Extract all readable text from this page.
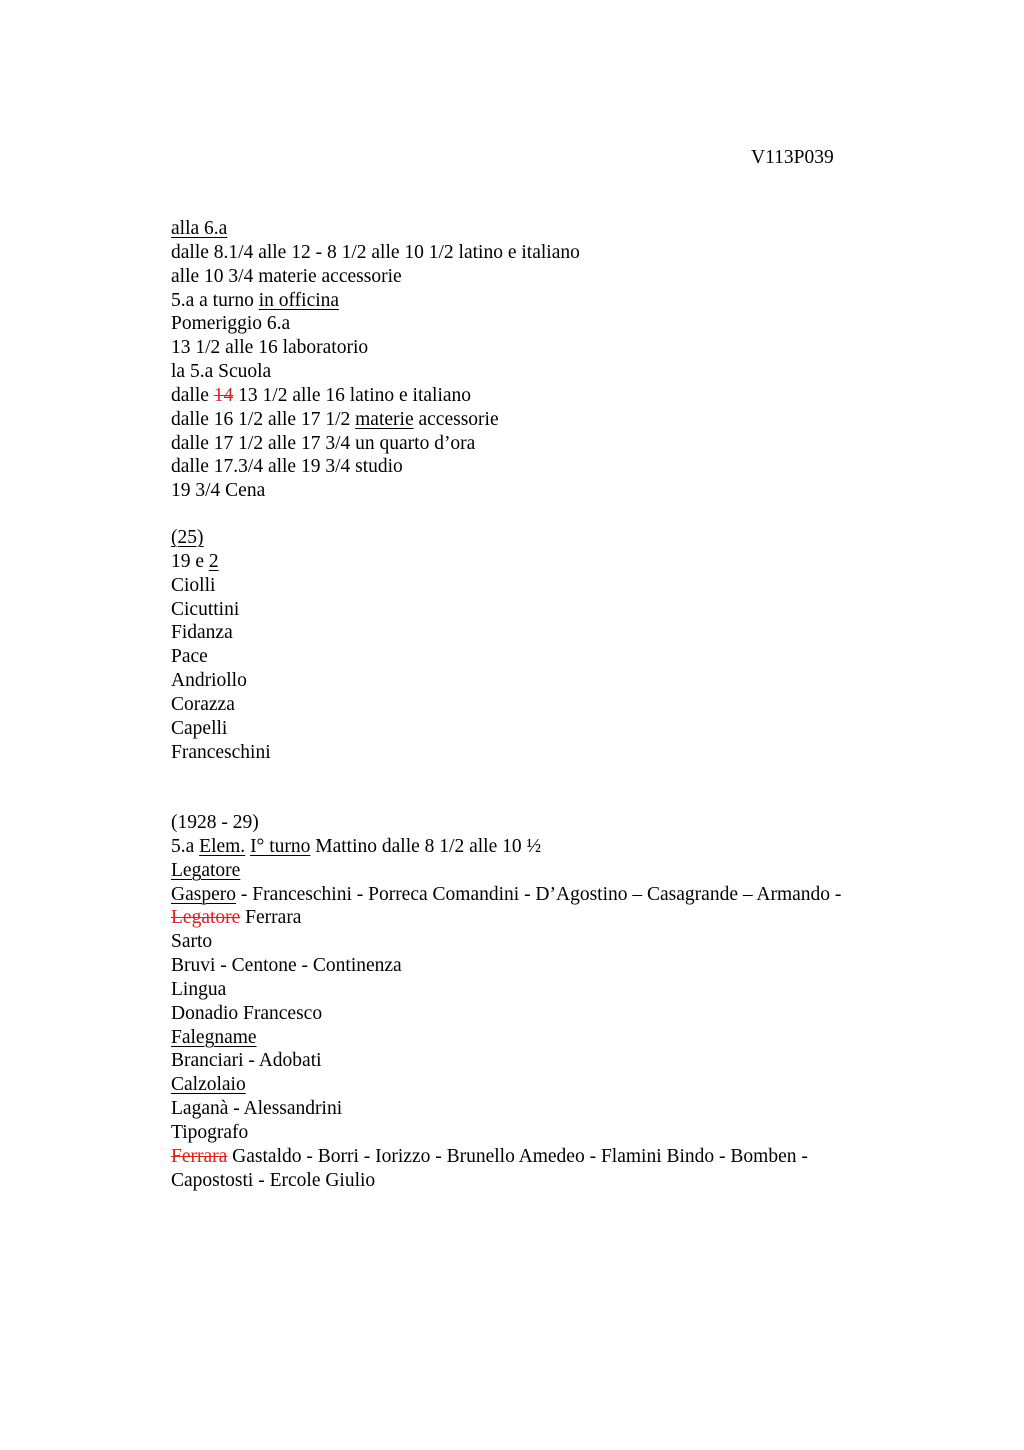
V113P039
alla 6.a
dalle 8.1/4 alle 12 - 8 1/2 alle 10 1/2 latino e italiano
alle 10 3/4 materie accessorie
5.a a turno in officina
Pomeriggio 6.a
13 1/2 alle 16 laboratorio
la 5.a Scuola
dalle 14 13 1/2 alle 16 latino e italiano
dalle 16 1/2 alle 17 1/2 materie accessorie
dalle 17 1/2 alle 17 3/4 un quarto d’ora
dalle 17.3/4 alle 19 3/4 studio
19 3/4 Cena
(25)
19 e 2
Ciolli
Cicuttini
Fidanza
Pace
Andriollo
Corazza
Capelli
Franceschini
(1928 - 29)
5.a Elem. I° turno Mattino dalle 8 1/2 alle 10 ½
Legatore
Gaspero - Franceschini - Porreca Comandini - D’Agostino – Casagrande – Armando -
Legatore Ferrara
Sarto
Bruvi - Centone - Continenza
Lingua
Donadio Francesco
Falegname
Branciari - Adobati
Calzolaio
Laganà - Alessandrini
Tipografo
Ferrara Gastaldo - Borri - Iorizzo - Brunello Amedeo - Flamini Bindo - Bomben -
Capostosti - Ercole Giulio
